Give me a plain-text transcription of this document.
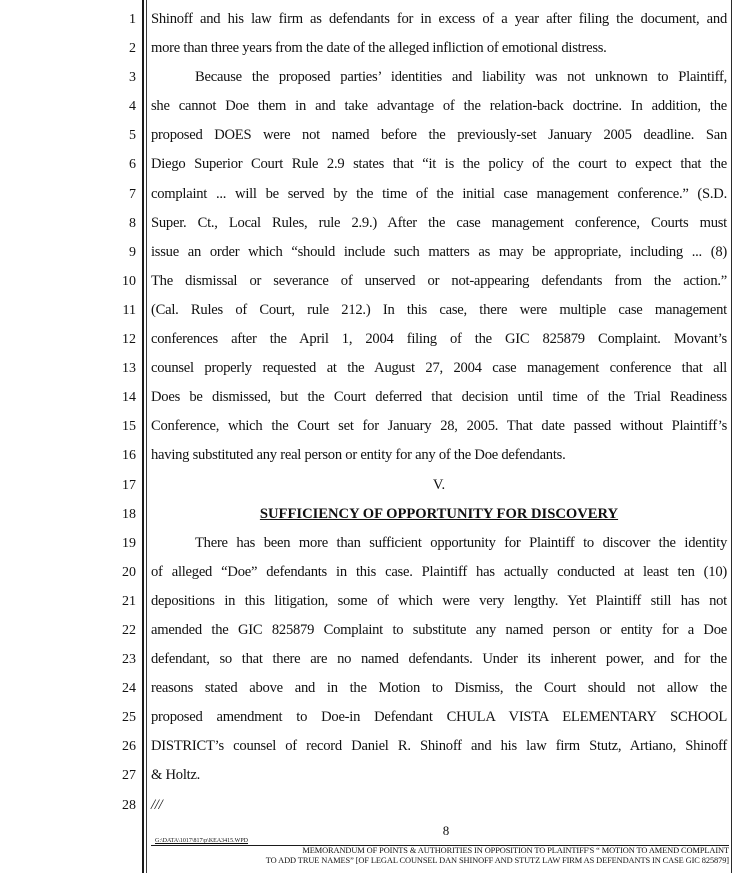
1
2
3
4
5
6
7
8
9
10
11
12
13
14
15
16
17
18
19
20
21
22
23
24
25
26
27
28
Shinoff and his law firm as defendants for in excess of a year after filing the document, and
more than three years from the date of the alleged infliction of emotional distress.
Because the proposed parties’ identities and liability was not unknown to Plaintiff,
she cannot Doe them in and take advantage of the relation-back doctrine. In addition, the
proposed DOES were not named before the previously-set January 2005 deadline. San
Diego Superior Court Rule 2.9 states that “it is the policy of the court to expect that the
complaint ... will be served by the time of the initial case management conference.” (S.D.
Super. Ct., Local Rules, rule 2.9.) After the case management conference, Courts must
issue an order which “should include such matters as may be appropriate, including ... (8)
The dismissal or severance of unserved or not-appearing defendants from the action.”
(Cal. Rules of Court, rule 212.) In this case, there were multiple case management
conferences after the April 1, 2004 filing of the GIC 825879 Complaint. Movant’s
counsel properly requested at the August 27, 2004 case management conference that all
Does be dismissed, but the Court deferred that decision until time of the Trial Readiness
Conference, which the Court set for January 28, 2005. That date passed without Plaintiff’s
having substituted any real person or entity for any of the Doe defendants.
V.
SUFFICIENCY OF OPPORTUNITY FOR DISCOVERY
There has been more than sufficient opportunity for Plaintiff to discover the identity
of alleged “Doe” defendants in this case. Plaintiff has actually conducted at least ten (10)
depositions in this litigation, some of which were very lengthy. Yet Plaintiff still has not
amended the GIC 825879 Complaint to substitute any named person or entity for a Doe
defendant, so that there are no named defendants. Under its inherent power, and for the
reasons stated above and in the Motion to Dismiss, the Court should not allow the
proposed amendment to Doe-in Defendant CHULA VISTA ELEMENTARY SCHOOL
DISTRICT’s counsel of record Daniel R. Shinoff and his law firm Stutz, Artiano, Shinoff
& Holtz.
///
8
G:\DATA\1017\817\p\KEA3415.WPD
MEMORANDUM OF POINTS & AUTHORITIES IN OPPOSITION TO PLAINTIFF'S “ MOTION TO AMEND COMPLAINT
TO ADD TRUE NAMES” [OF LEGAL COUNSEL DAN SHINOFF AND STUTZ LAW FIRM AS DEFENDANTS IN CASE GIC 825879]
